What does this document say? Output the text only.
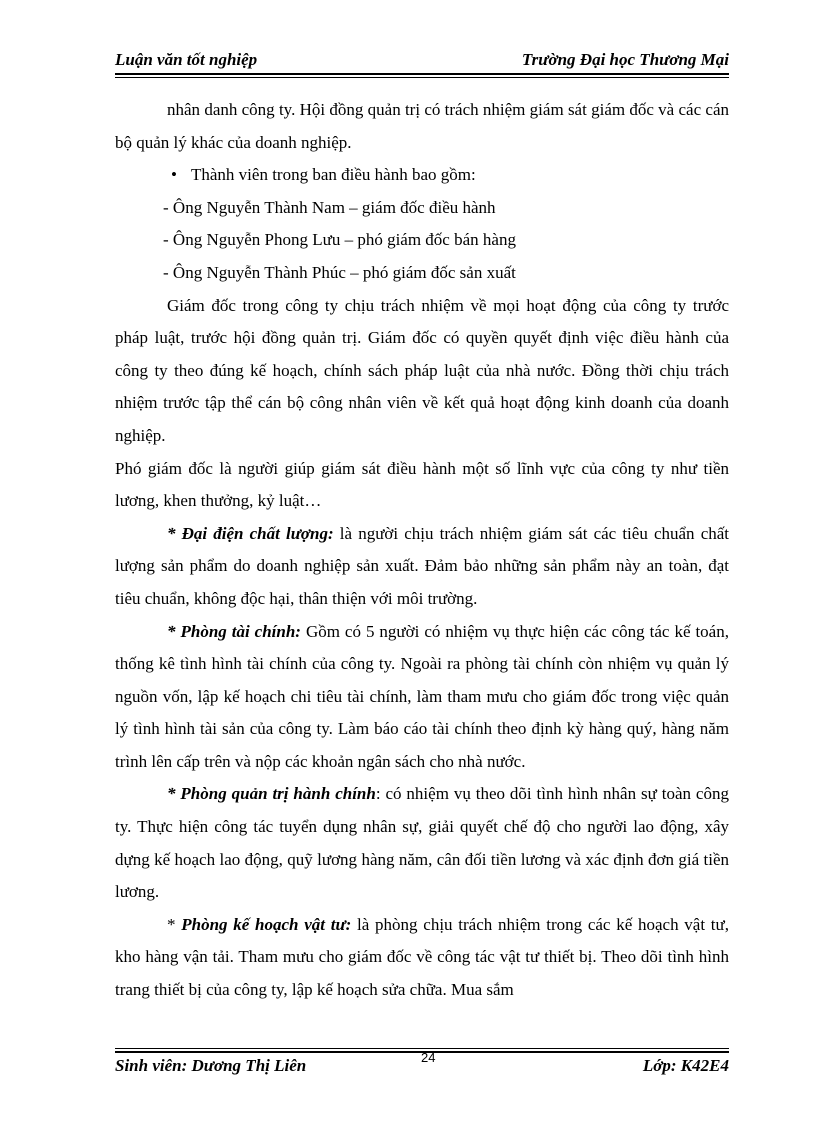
Luận văn tốt nghiệp	Trường Đại học Thương Mại

nhân danh công ty. Hội đồng quản trị có trách nhiệm giám sát giám đốc và các cán bộ quản lý khác của doanh nghiệp.

• Thành viên trong ban điều hành bao gồm:

- Ông Nguyễn Thành Nam – giám đốc điều hành

- Ông Nguyễn Phong Lưu – phó giám đốc bán hàng

- Ông Nguyễn Thành Phúc – phó giám đốc sản xuất

Giám đốc trong công ty chịu trách nhiệm về mọi hoạt động của công ty trước pháp luật, trước hội đồng quản trị. Giám đốc có quyền quyết định việc điều hành của công ty theo đúng kế hoạch, chính sách pháp luật của nhà nước. Đồng thời chịu trách nhiệm trước tập thể cán bộ công nhân viên về kết quả hoạt động kinh doanh của doanh nghiệp.

Phó giám đốc là người giúp giám sát điều hành một số lĩnh vực của công ty như tiền lương, khen thưởng, kỷ luật…

* Đại điện chất lượng: là người chịu trách nhiệm giám sát các tiêu chuẩn chất lượng sản phẩm do doanh nghiệp sản xuất. Đảm bảo những sản phẩm này an toàn, đạt tiêu chuẩn, không độc hại, thân thiện với môi trường.

* Phòng tài chính: Gồm có 5 người có nhiệm vụ thực hiện các công tác kế toán, thống kê tình hình tài chính của công ty. Ngoài ra phòng tài chính còn nhiệm vụ quản lý nguồn vốn, lập kế hoạch chi tiêu tài chính, làm tham mưu cho giám đốc trong việc quản lý tình hình tài sản của công ty. Làm báo cáo tài chính theo định kỳ hàng quý, hàng năm trình lên cấp trên và nộp các khoản ngân sách cho nhà nước.

* Phòng quản trị hành chính: có nhiệm vụ theo dõi tình hình nhân sự toàn công ty. Thực hiện công tác tuyển dụng nhân sự, giải quyết chế độ cho người lao động, xây dựng kế hoạch lao động, quỹ lương hàng năm, cân đối tiền lương và xác định đơn giá tiền lương.

* Phòng kế hoạch vật tư: là phòng chịu trách nhiệm trong các kế hoạch vật tư, kho hàng vận tải. Tham mưu cho giám đốc về công tác vật tư thiết bị. Theo dõi tình hình trang thiết bị của công ty, lập kế hoạch sửa chữa. Mua sắm

Sinh viên: Dương Thị Liên	24	Lớp: K42E4
